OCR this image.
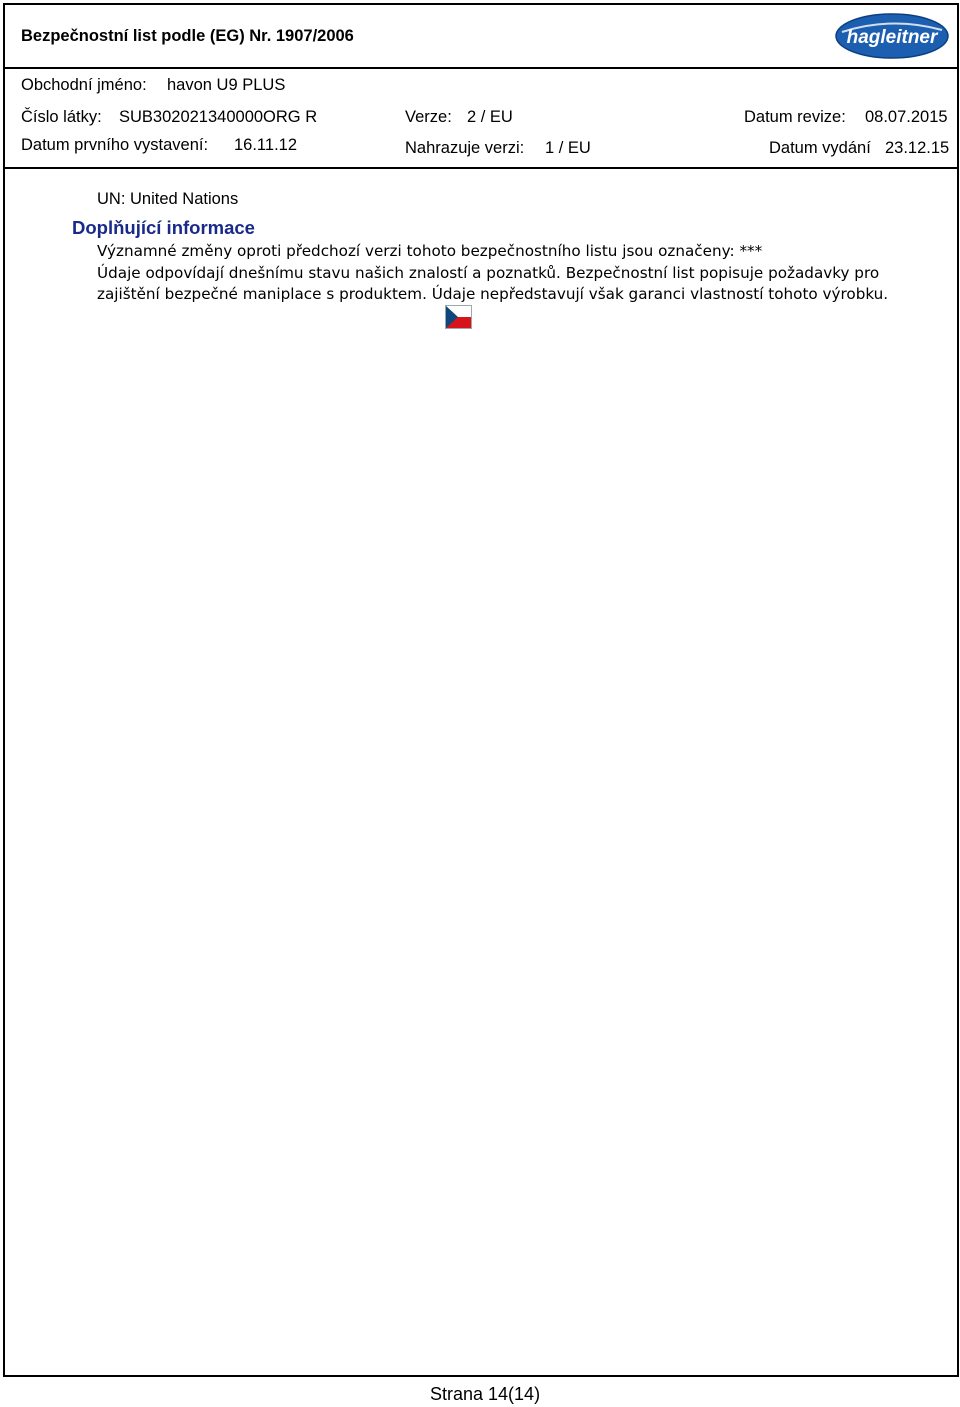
Bezpečnostní list podle (EG) Nr. 1907/2006	hagleitner
Obchodní jméno: havon U9 PLUS
Číslo látky: SUB302021340000ORG R	Verze: 2 / EU	Datum revize: 08.07.2015
Datum prvního vystavení: 16.11.12	Nahrazuje verzi: 1 / EU	Datum vydání 23.12.15
UN: United Nations
Doplňující informace
Významné změny oproti předchozí verzi tohoto bezpečnostního listu jsou označeny: ***
Údaje odpovídají dnešnímu stavu našich znalostí a poznatků. Bezpečnostní list popisuje požadavky pro
zajištění bezpečné maniplace s produktem. Údaje nepředstavují však garanci vlastností tohoto výrobku.
Strana 14(14)
